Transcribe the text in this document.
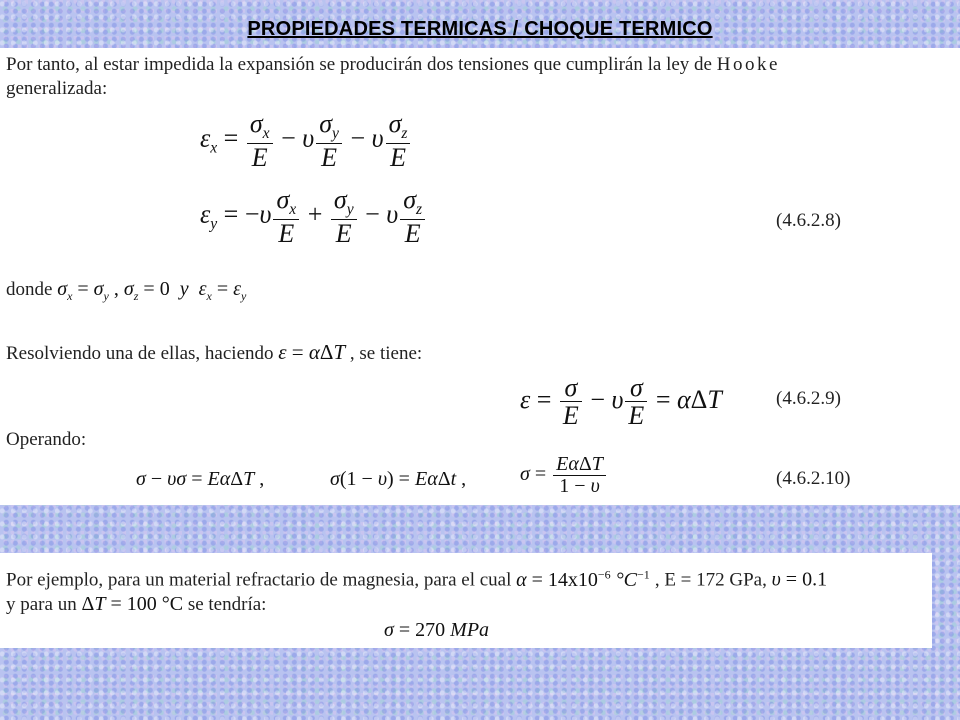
PROPIEDADES TERMICAS / CHOQUE TERMICO
Por tanto, al estar impedida la expansión se producirán dos tensiones que cumplirán la ley de Hooke
generalizada:
$\varepsilon_x = \frac{\sigma_x}{E} - \upsilon \frac{\sigma_y}{E} - \upsilon \frac{\sigma_z}{E}$
$\varepsilon_y = -\upsilon \frac{\sigma_x}{E} + \frac{\sigma_y}{E} - \upsilon \frac{\sigma_z}{E}$	(4.6.2.8)
donde $\sigma_x = \sigma_y$ , $\sigma_z = 0$  y $\varepsilon_x = \varepsilon_y$
Resolviendo una de ellas, haciendo ε = αΔT , se tiene:
$\varepsilon = \frac{\sigma}{E} - \upsilon \frac{\sigma}{E} = \alpha\Delta T$	(4.6.2.9)
Operando:
σ − υσ = EαΔT ,	σ(1 − υ) = EαΔt ,	$\sigma = \frac{\text{EαΔT}}{1 - \upsilon}$	(4.6.2.10)
Por ejemplo, para un material refractario de magnesia, para el cual $\alpha = 14x10^{-6}$ $^\circ C^{-1}$ , E = 172 GPa, υ = 0.1
y para un ΔT = 100 °C se tendría:
σ = 270 MPa
